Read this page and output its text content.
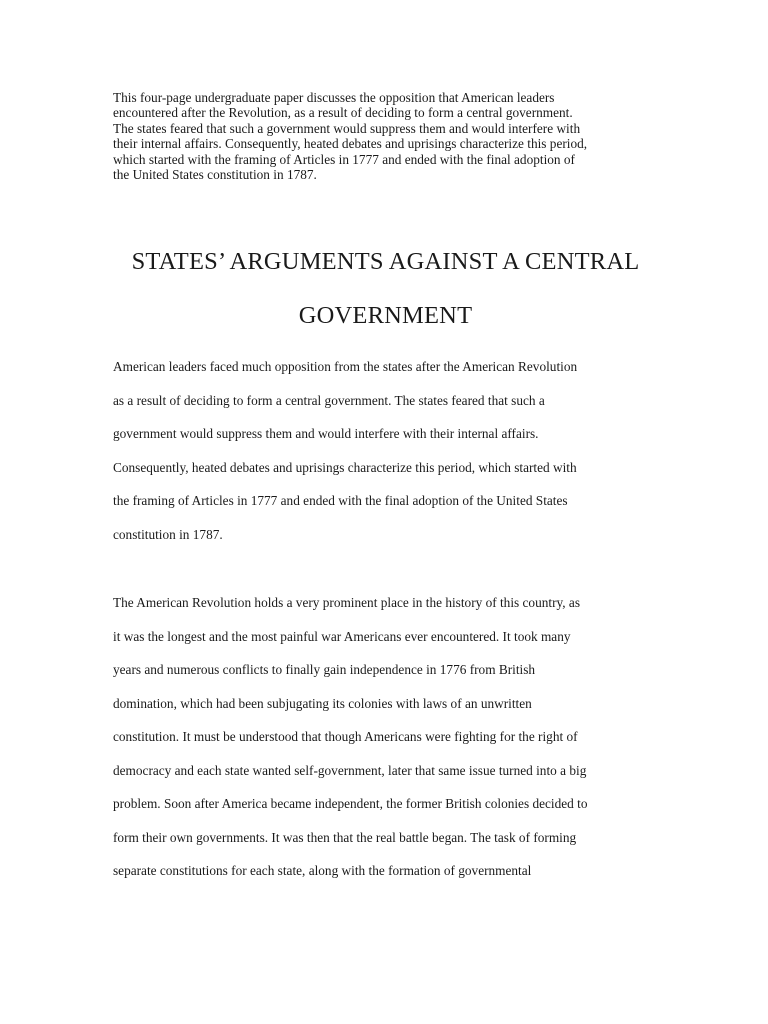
This four-page undergraduate paper discusses the opposition that American leaders
encountered after the Revolution, as a result of deciding to form a central government.
The states feared that such a government would suppress them and would interfere with
their internal affairs. Consequently, heated debates and uprisings characterize this period,
which started with the framing of Articles in 1777 and ended with the final adoption of
the United States constitution in 1787.

STATES’ ARGUMENTS AGAINST A CENTRAL
GOVERNMENT

American leaders faced much opposition from the states after the American Revolution
as a result of deciding to form a central government. The states feared that such a
government would suppress them and would interfere with their internal affairs.
Consequently, heated debates and uprisings characterize this period, which started with
the framing of Articles in 1777 and ended with the final adoption of the United States
constitution in 1787.

The American Revolution holds a very prominent place in the history of this country, as
it was the longest and the most painful war Americans ever encountered. It took many
years and numerous conflicts to finally gain independence in 1776 from British
domination, which had been subjugating its colonies with laws of an unwritten
constitution. It must be understood that though Americans were fighting for the right of
democracy and each state wanted self-government, later that same issue turned into a big
problem. Soon after America became independent, the former British colonies decided to
form their own governments. It was then that the real battle began. The task of forming
separate constitutions for each state, along with the formation of governmental
